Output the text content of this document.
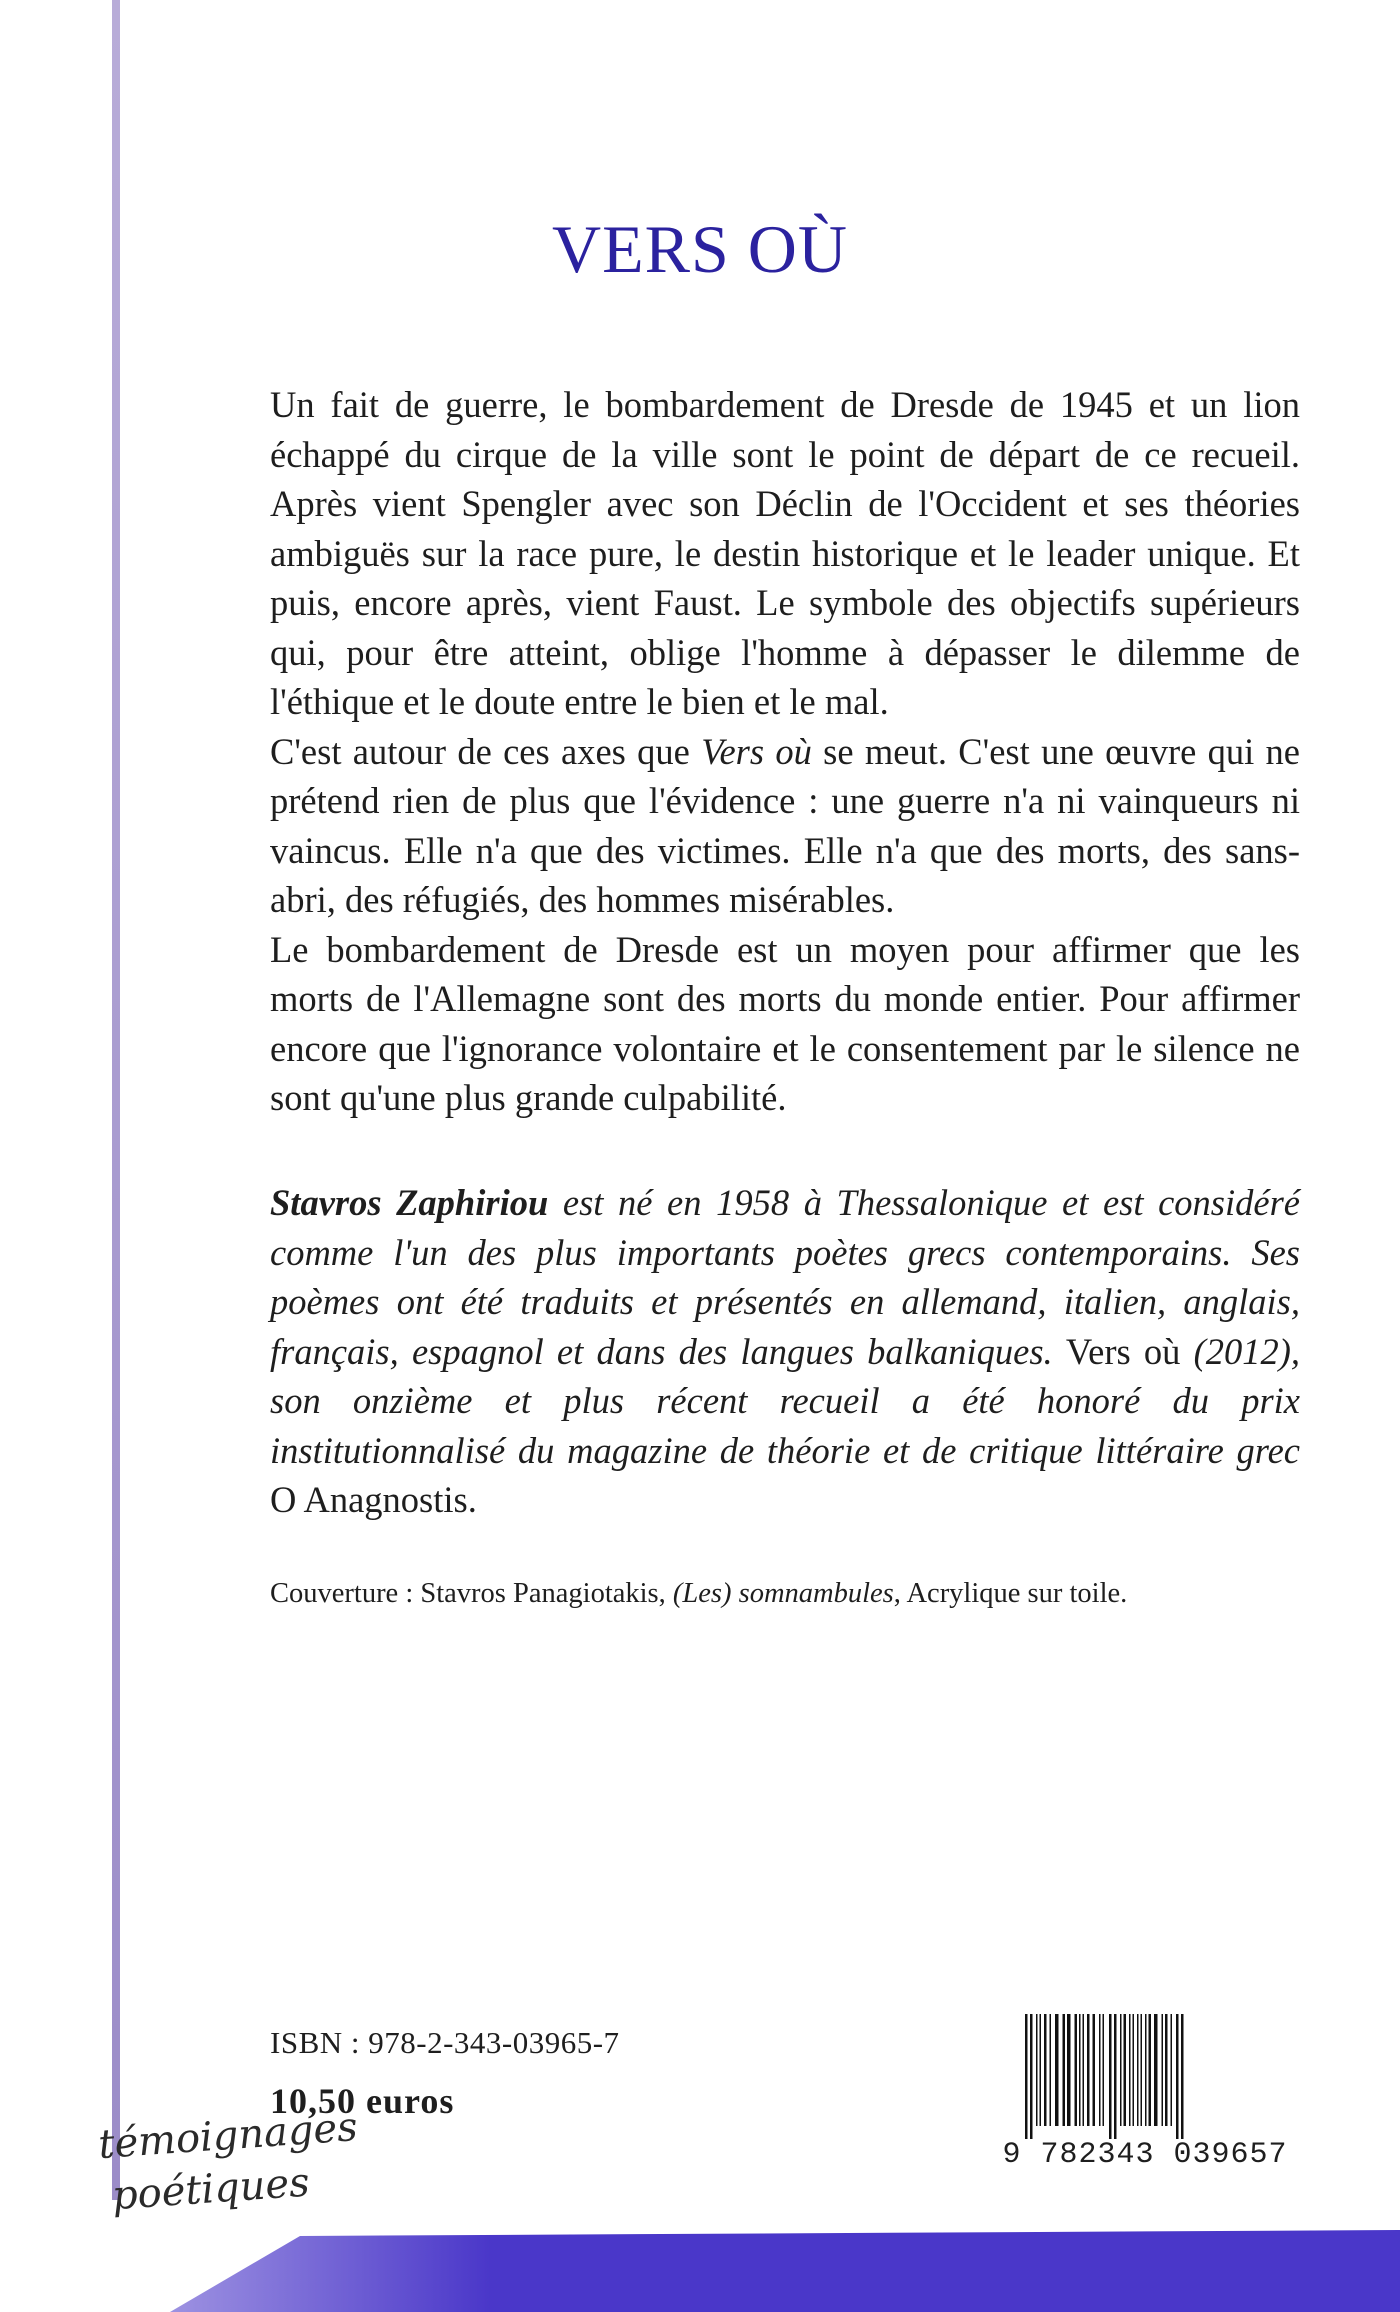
VERS OÙ

Un fait de guerre, le bombardement de Dresde de 1945 et un lion échappé du cirque de la ville sont le point de départ de ce recueil. Après vient Spengler avec son Déclin de l'Occident et ses théories ambiguës sur la race pure, le destin historique et le leader unique. Et puis, encore après, vient Faust. Le symbole des objectifs supérieurs qui, pour être atteint, oblige l'homme à dépasser le dilemme de l'éthique et le doute entre le bien et le mal.

C'est autour de ces axes que Vers où se meut. C'est une œuvre qui ne prétend rien de plus que l'évidence : une guerre n'a ni vainqueurs ni vaincus. Elle n'a que des victimes. Elle n'a que des morts, des sans-abri, des réfugiés, des hommes misérables.

Le bombardement de Dresde est un moyen pour affirmer que les morts de l'Allemagne sont des morts du monde entier. Pour affirmer encore que l'ignorance volontaire et le consentement par le silence ne sont qu'une plus grande culpabilité.

Stavros Zaphiriou est né en 1958 à Thessalonique et est considéré comme l'un des plus importants poètes grecs contemporains. Ses poèmes ont été traduits et présentés en allemand, italien, anglais, français, espagnol et dans des langues balkaniques. Vers où (2012), son onzième et plus récent recueil a été honoré du prix institutionnalisé du magazine de théorie et de critique littéraire grec O Anagnostis.
Couverture : Stavros Panagiotakis, (Les) somnambules, Acrylique sur toile.
ISBN : 978-2-343-03965-7
10,50 euros
9 782343 039657
témoignages
poétiques
